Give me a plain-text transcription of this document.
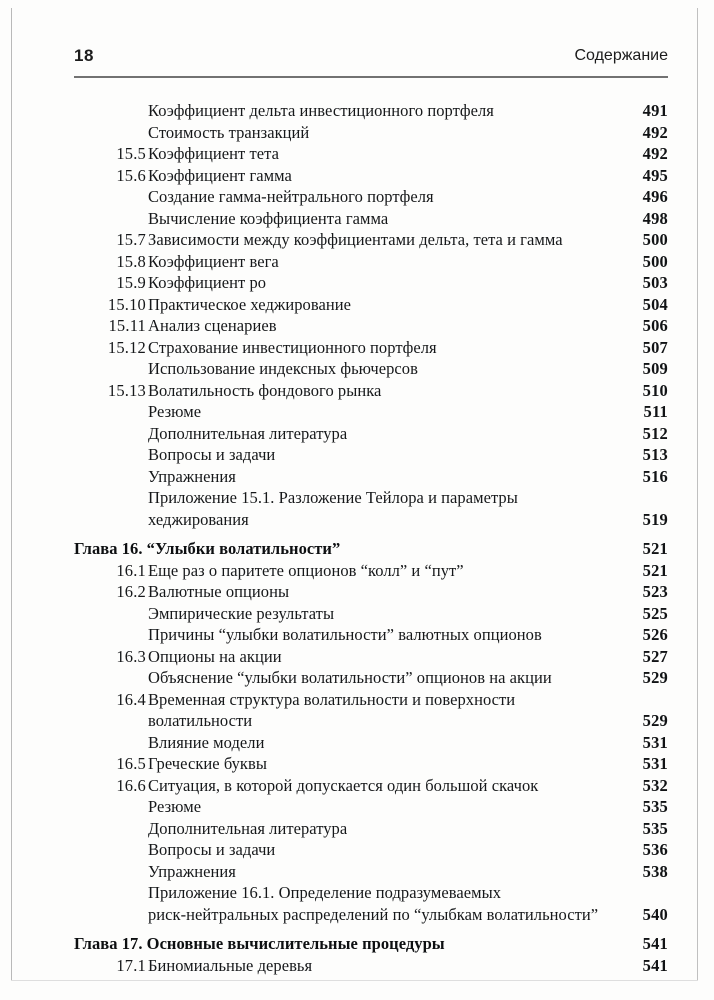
18	Содержание
Коэффициент дельта инвестиционного портфеля	491
Стоимость транзакций	492
15.5 Коэффициент тета	492
15.6 Коэффициент гамма	495
Создание гамма-нейтрального портфеля	496
Вычисление коэффициента гамма	498
15.7 Зависимости между коэффициентами дельта, тета и гамма	500
15.8 Коэффициент вега	500
15.9 Коэффициент ро	503
15.10 Практическое хеджирование	504
15.11 Анализ сценариев	506
15.12 Страхование инвестиционного портфеля	507
Использование индексных фьючерсов	509
15.13 Волатильность фондового рынка	510
Резюме	511
Дополнительная литература	512
Вопросы и задачи	513
Упражнения	516
Приложение 15.1. Разложение Тейлора и параметры
хеджирования	519
Глава 16. “Улыбки волатильности”	521
16.1 Еще раз о паритете опционов “колл” и “пут”	521
16.2 Валютные опционы	523
Эмпирические результаты	525
Причины “улыбки волатильности” валютных опционов	526
16.3 Опционы на акции	527
Объяснение “улыбки волатильности” опционов на акции	529
16.4 Временная структура волатильности и поверхности
волатильности	529
Влияние модели	531
16.5 Греческие буквы	531
16.6 Ситуация, в которой допускается один большой скачок	532
Резюме	535
Дополнительная литература	535
Вопросы и задачи	536
Упражнения	538
Приложение 16.1. Определение подразумеваемых
риск-нейтральных распределений по “улыбкам волатильности”	540
Глава 17. Основные вычислительные процедуры	541
17.1 Биномиальные деревья	541
